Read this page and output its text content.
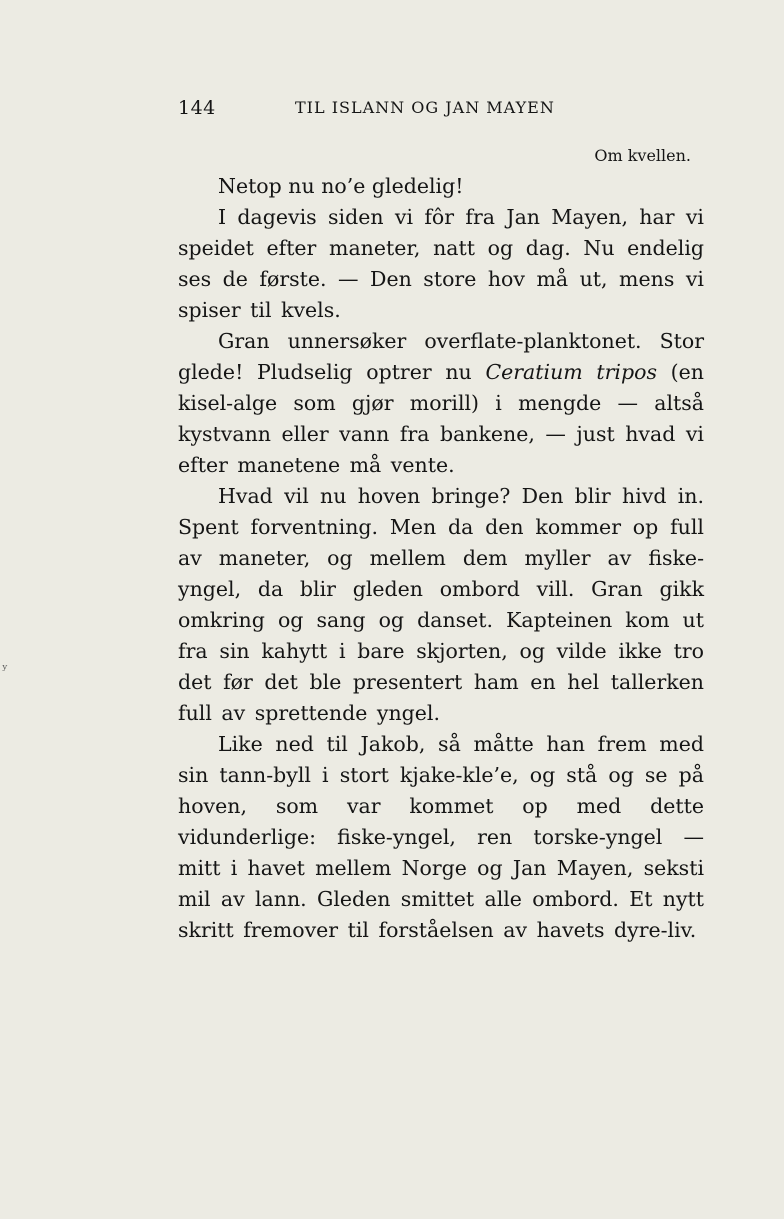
144	TIL ISLANN OG JAN MAYEN
Om kvellen.

Netop nu no’e gledelig!

I dagevis siden vi fôr fra Jan Mayen, har vi speidet efter maneter, natt og dag. Nu endelig ses de første. — Den store hov må ut, mens vi spiser til kvels.

Gran unnersøker overflate-planktonet. Stor glede! Pludselig optrer nu Ceratium tripos (en kisel-alge som gjør morill) i mengde — altså kystvann eller vann fra bankene, — just hvad vi efter manetene må vente.

Hvad vil nu hoven bringe? Den blir hivd in. Spent forventning. Men da den kommer op full av maneter, og mellem dem myller av fiske-yngel, da blir gleden ombord vill. Gran gikk omkring og sang og danset. Kapteinen kom ut fra sin kahytt i bare skjorten, og vilde ikke tro det før det ble presentert ham en hel tallerken full av sprettende yngel.

Like ned til Jakob, så måtte han frem med sin tann-byll i stort kjake-kle’e, og stå og se på hoven, som var kommet op med dette vidunderlige: fiske-yngel, ren torske-yngel — mitt i havet mellem Norge og Jan Mayen, seksti mil av lann. Gleden smittet alle ombord. Et nytt skritt fremover til forståelsen av havets dyre-liv.

ʸ
